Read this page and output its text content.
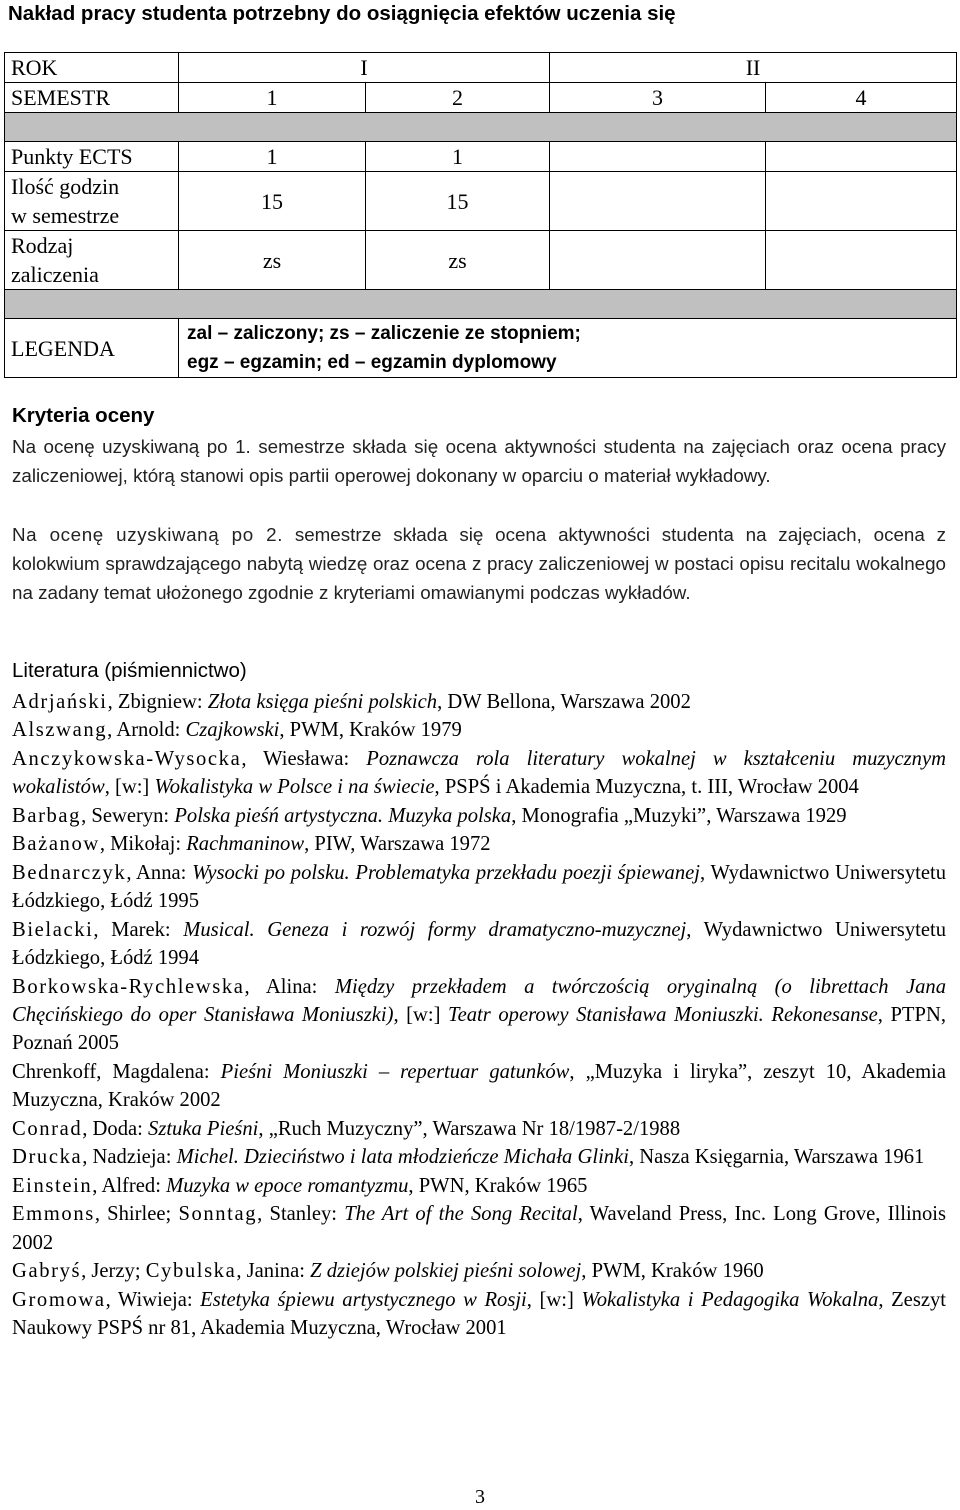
Nakład pracy studenta potrzebny do osiągnięcia efektów uczenia się
ROK	I		II	
SEMESTR	1	2	3	4

Punkty ECTS	1	1		
Ilość godzin
w semestrze	15	15		
Rodzaj
zaliczenia	zs	zs		

LEGENDA	zal – zaliczony; zs – zaliczenie ze stopniem;
egz – egzamin; ed – egzamin dyplomowy			
Kryteria oceny

Na ocenę uzyskiwaną po 1. semestrze składa się ocena aktywności studenta na zajęciach oraz ocena pracy zaliczeniowej, którą stanowi opis partii operowej dokonany w oparciu o materiał wykładowy.

Na ocenę uzyskiwaną po 2. semestrze składa się ocena aktywności studenta na zajęciach, ocena z kolokwium sprawdzającego nabytą wiedzę oraz ocena z pracy zaliczeniowej w postaci opisu recitalu wokalnego na zadany temat ułożonego zgodnie z kryteriami omawianymi podczas wykładów.

Literatura (piśmiennictwo)

Adrjański, Zbigniew: Złota księga pieśni polskich, DW Bellona, Warszawa 2002

Alszwang, Arnold: Czajkowski, PWM, Kraków 1979

Anczykowska-Wysocka, Wiesława: Poznawcza rola literatury wokalnej w kształceniu muzycznym wokalistów, [w:] Wokalistyka w Polsce i na świecie, PSPŚ i Akademia Muzyczna, t. III, Wrocław 2004

Barbag, Seweryn: Polska pieśń artystyczna. Muzyka polska, Monografia „Muzyki”, Warszawa 1929

Bażanow, Mikołaj: Rachmaninow, PIW, Warszawa 1972

Bednarczyk, Anna: Wysocki po polsku. Problematyka przekładu poezji śpiewanej, Wydawnictwo Uniwersytetu Łódzkiego, Łódź 1995

Bielacki, Marek: Musical. Geneza i rozwój formy dramatyczno-muzycznej, Wydawnictwo Uniwersytetu Łódzkiego, Łódź 1994

Borkowska-Rychlewska, Alina: Między przekładem a twórczością oryginalną (o librettach Jana Chęcińskiego do oper Stanisława Moniuszki), [w:] Teatr operowy Stanisława Moniuszki. Rekonesanse, PTPN, Poznań 2005

Chrenkoff, Magdalena: Pieśni Moniuszki – repertuar gatunków, „Muzyka i liryka”, zeszyt 10, Akademia Muzyczna, Kraków 2002

Conrad, Doda: Sztuka Pieśni, „Ruch Muzyczny”, Warszawa Nr 18/1987-2/1988

Drucka, Nadzieja: Michel. Dzieciństwo i lata młodzieńcze Michała Glinki, Nasza Księgarnia, Warszawa 1961

Einstein, Alfred: Muzyka w epoce romantyzmu, PWN, Kraków 1965

Emmons, Shirlee; Sonntag, Stanley: The Art of the Song Recital, Waveland Press, Inc. Long Grove, Illinois 2002

Gabryś, Jerzy; Cybulska, Janina: Z dziejów polskiej pieśni solowej, PWM, Kraków 1960

Gromowa, Wiwieja: Estetyka śpiewu artystycznego w Rosji, [w:] Wokalistyka i Pedagogika Wokalna, Zeszyt Naukowy PSPŚ nr 81, Akademia Muzyczna, Wrocław 2001

3
